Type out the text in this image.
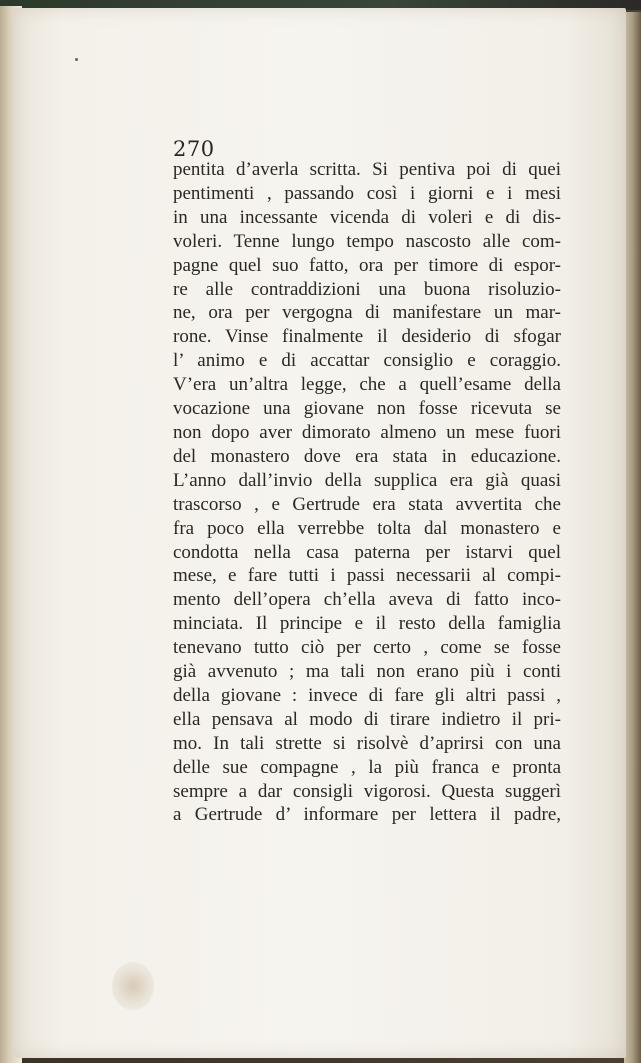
270
pentita d’averla scritta. Si pentiva poi di quei
pentimenti , passando così i giorni e i mesi
in una incessante vicenda di voleri e di dis-
voleri. Tenne lungo tempo nascosto alle com-
pagne quel suo fatto, ora per timore di espor-
re alle contraddizioni una buona risoluzio-
ne, ora per vergogna di manifestare un mar-
rone. Vinse finalmente il desiderio di sfogar
l’ animo e di accattar consiglio e coraggio.
V’era un’altra legge, che a quell’esame della
vocazione una giovane non fosse ricevuta se
non dopo aver dimorato almeno un mese fuori
del monastero dove era stata in educazione.
L’anno dall’invio della supplica era già quasi
trascorso , e Gertrude era stata avvertita che
fra poco ella verrebbe tolta dal monastero e
condotta nella casa paterna per istarvi quel
mese, e fare tutti i passi necessarii al compi-
mento dell’opera ch’ella aveva di fatto inco-
minciata. Il principe e il resto della famiglia
tenevano tutto ciò per certo , come se fosse
già avvenuto ; ma tali non erano più i conti
della giovane : invece di fare gli altri passi ,
ella pensava al modo di tirare indietro il pri-
mo. In tali strette si risolvè d’aprirsi con una
delle sue compagne , la più franca e pronta
sempre a dar consigli vigorosi. Questa suggerì
a Gertrude d’ informare per lettera il padre,
